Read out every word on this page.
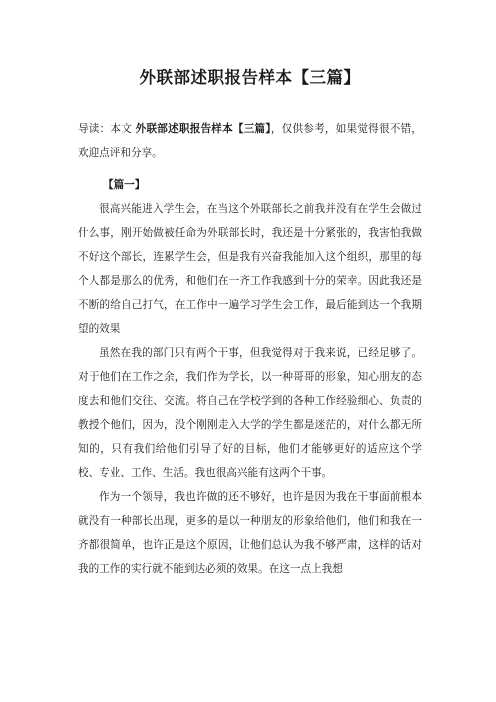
外联部述职报告样本【三篇】

导读：本文 外联部述职报告样本【三篇】，仅供参考，如果觉得很不错，欢迎点评和分享。

【篇一】

很高兴能进入学生会，在当这个外联部长之前我并没有在学生会做过什么事，刚开始做被任命为外联部长时，我还是十分紧张的，我害怕我做不好这个部长，连累学生会，但是我有兴奋我能加入这个组织，那里的每个人都是那么的优秀，和他们在一齐工作我感到十分的荣幸。因此我还是不断的给自己打气，在工作中一遍学习学生会工作，最后能到达一个我期望的效果

虽然在我的部门只有两个干事，但我觉得对于我来说，已经足够了。对于他们在工作之余，我们作为学长，以一种哥哥的形象，知心朋友的态度去和他们交往、交流。将自己在学校学到的各种工作经验细心、负责的教授个他们，因为，没个刚刚走入大学的学生都是迷茫的，对什么都无所知的，只有我们给他们引导了好的目标，他们才能够更好的适应这个学校、专业、工作、生活。我也很高兴能有这两个干事。

作为一个领导，我也许做的还不够好，也许是因为我在干事面前根本就没有一种部长出现，更多的是以一种朋友的形象给他们，他们和我在一齐都很简单，也许正是这个原因，让他们总认为我不够严肃，这样的话对我的工作的实行就不能到达必须的效果。在这一点上我想
